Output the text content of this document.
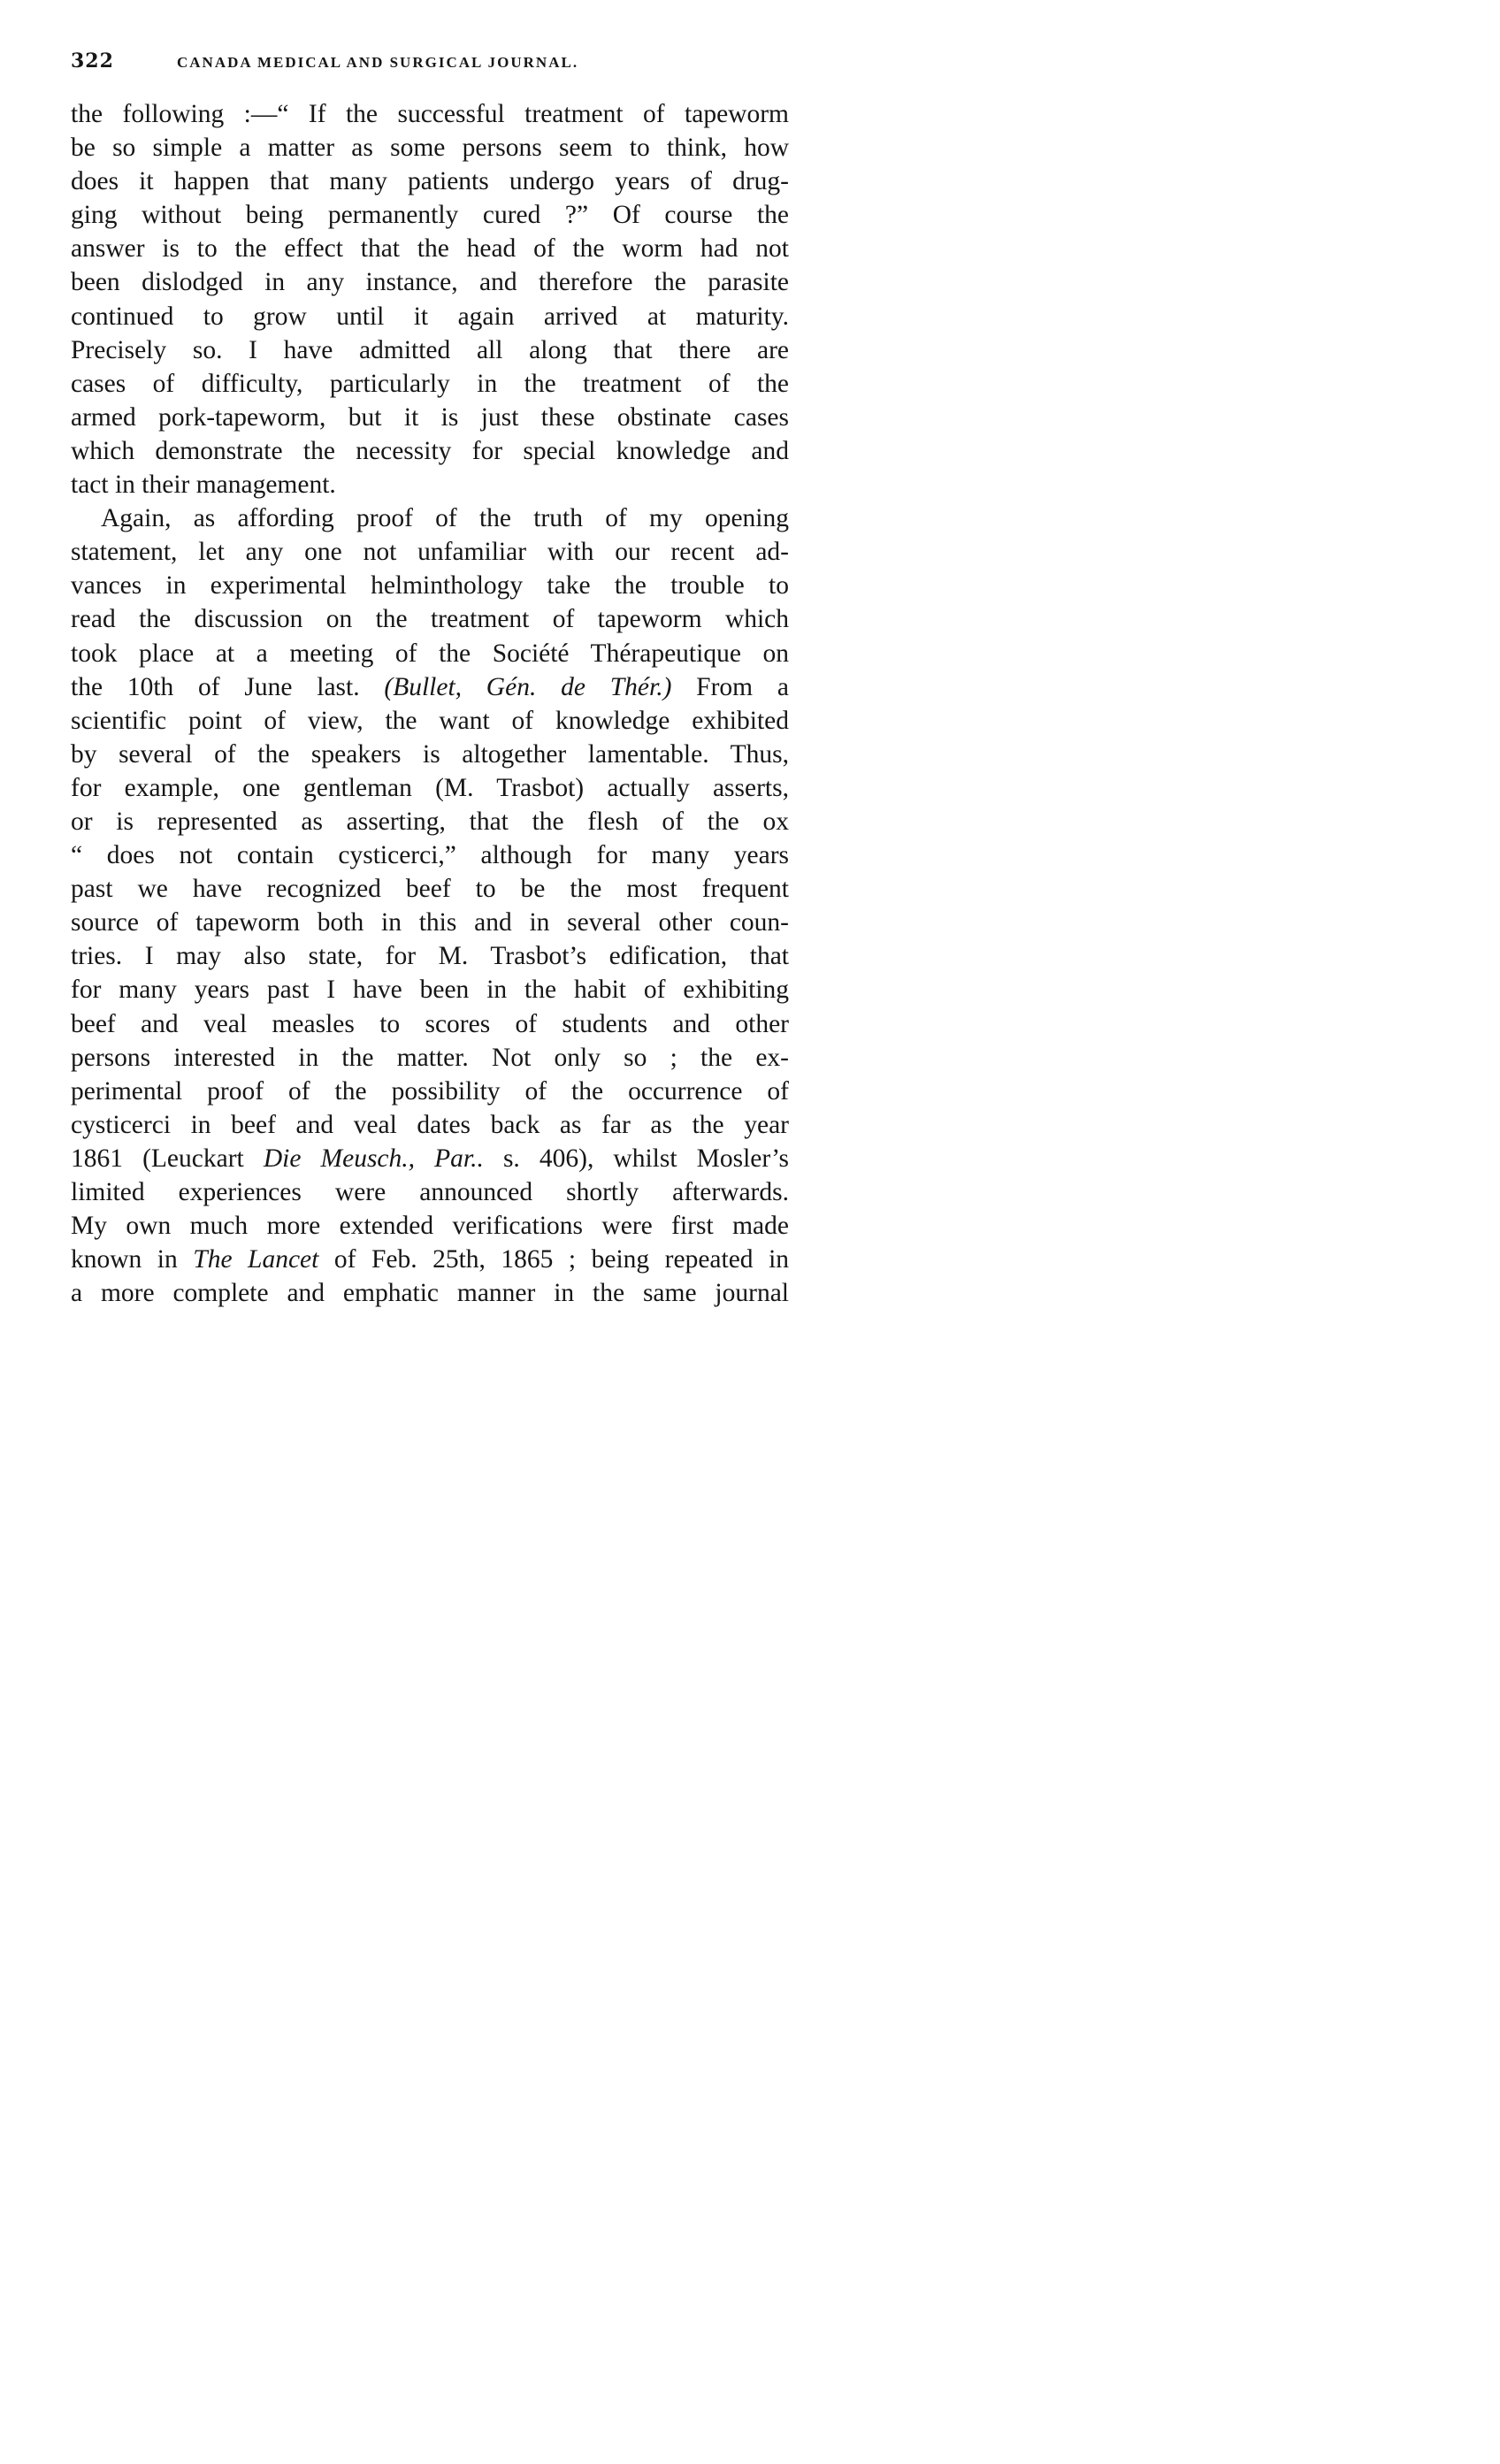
322	CANADA MEDICAL AND SURGICAL JOURNAL.
the following :—“ If the successful treatment of tapeworm
be so simple a matter as some persons seem to think, how
does it happen that many patients undergo years of drug-
ging without being permanently cured ?” Of course the
answer is to the effect that the head of the worm had not
been dislodged in any instance, and therefore the parasite
continued to grow until it again arrived at maturity.
Precisely so. I have admitted all along that there are
cases of difficulty, particularly in the treatment of the
armed pork-tapeworm, but it is just these obstinate cases
which demonstrate the necessity for special knowledge and
tact in their management.
Again, as affording proof of the truth of my opening
statement, let any one not unfamiliar with our recent ad-
vances in experimental helminthology take the trouble to
read the discussion on the treatment of tapeworm which
took place at a meeting of the Société Thérapeutique on
the 10th of June last. (Bullet, Gén. de Thér.) From a
scientific point of view, the want of knowledge exhibited
by several of the speakers is altogether lamentable. Thus,
for example, one gentleman (M. Trasbot) actually asserts,
or is represented as asserting, that the flesh of the ox
“ does not contain cysticerci,” although for many years
past we have recognized beef to be the most frequent
source of tapeworm both in this and in several other coun-
tries. I may also state, for M. Trasbot’s edification, that
for many years past I have been in the habit of exhibiting
beef and veal measles to scores of students and other
persons interested in the matter. Not only so ; the ex-
perimental proof of the possibility of the occurrence of
cysticerci in beef and veal dates back as far as the year
1861 (Leuckart Die Meusch., Par.. s. 406), whilst Mosler’s
limited experiences were announced shortly afterwards.
My own much more extended verifications were first made
known in The Lancet of Feb. 25th, 1865 ; being repeated in
a more complete and emphatic manner in the same journal
